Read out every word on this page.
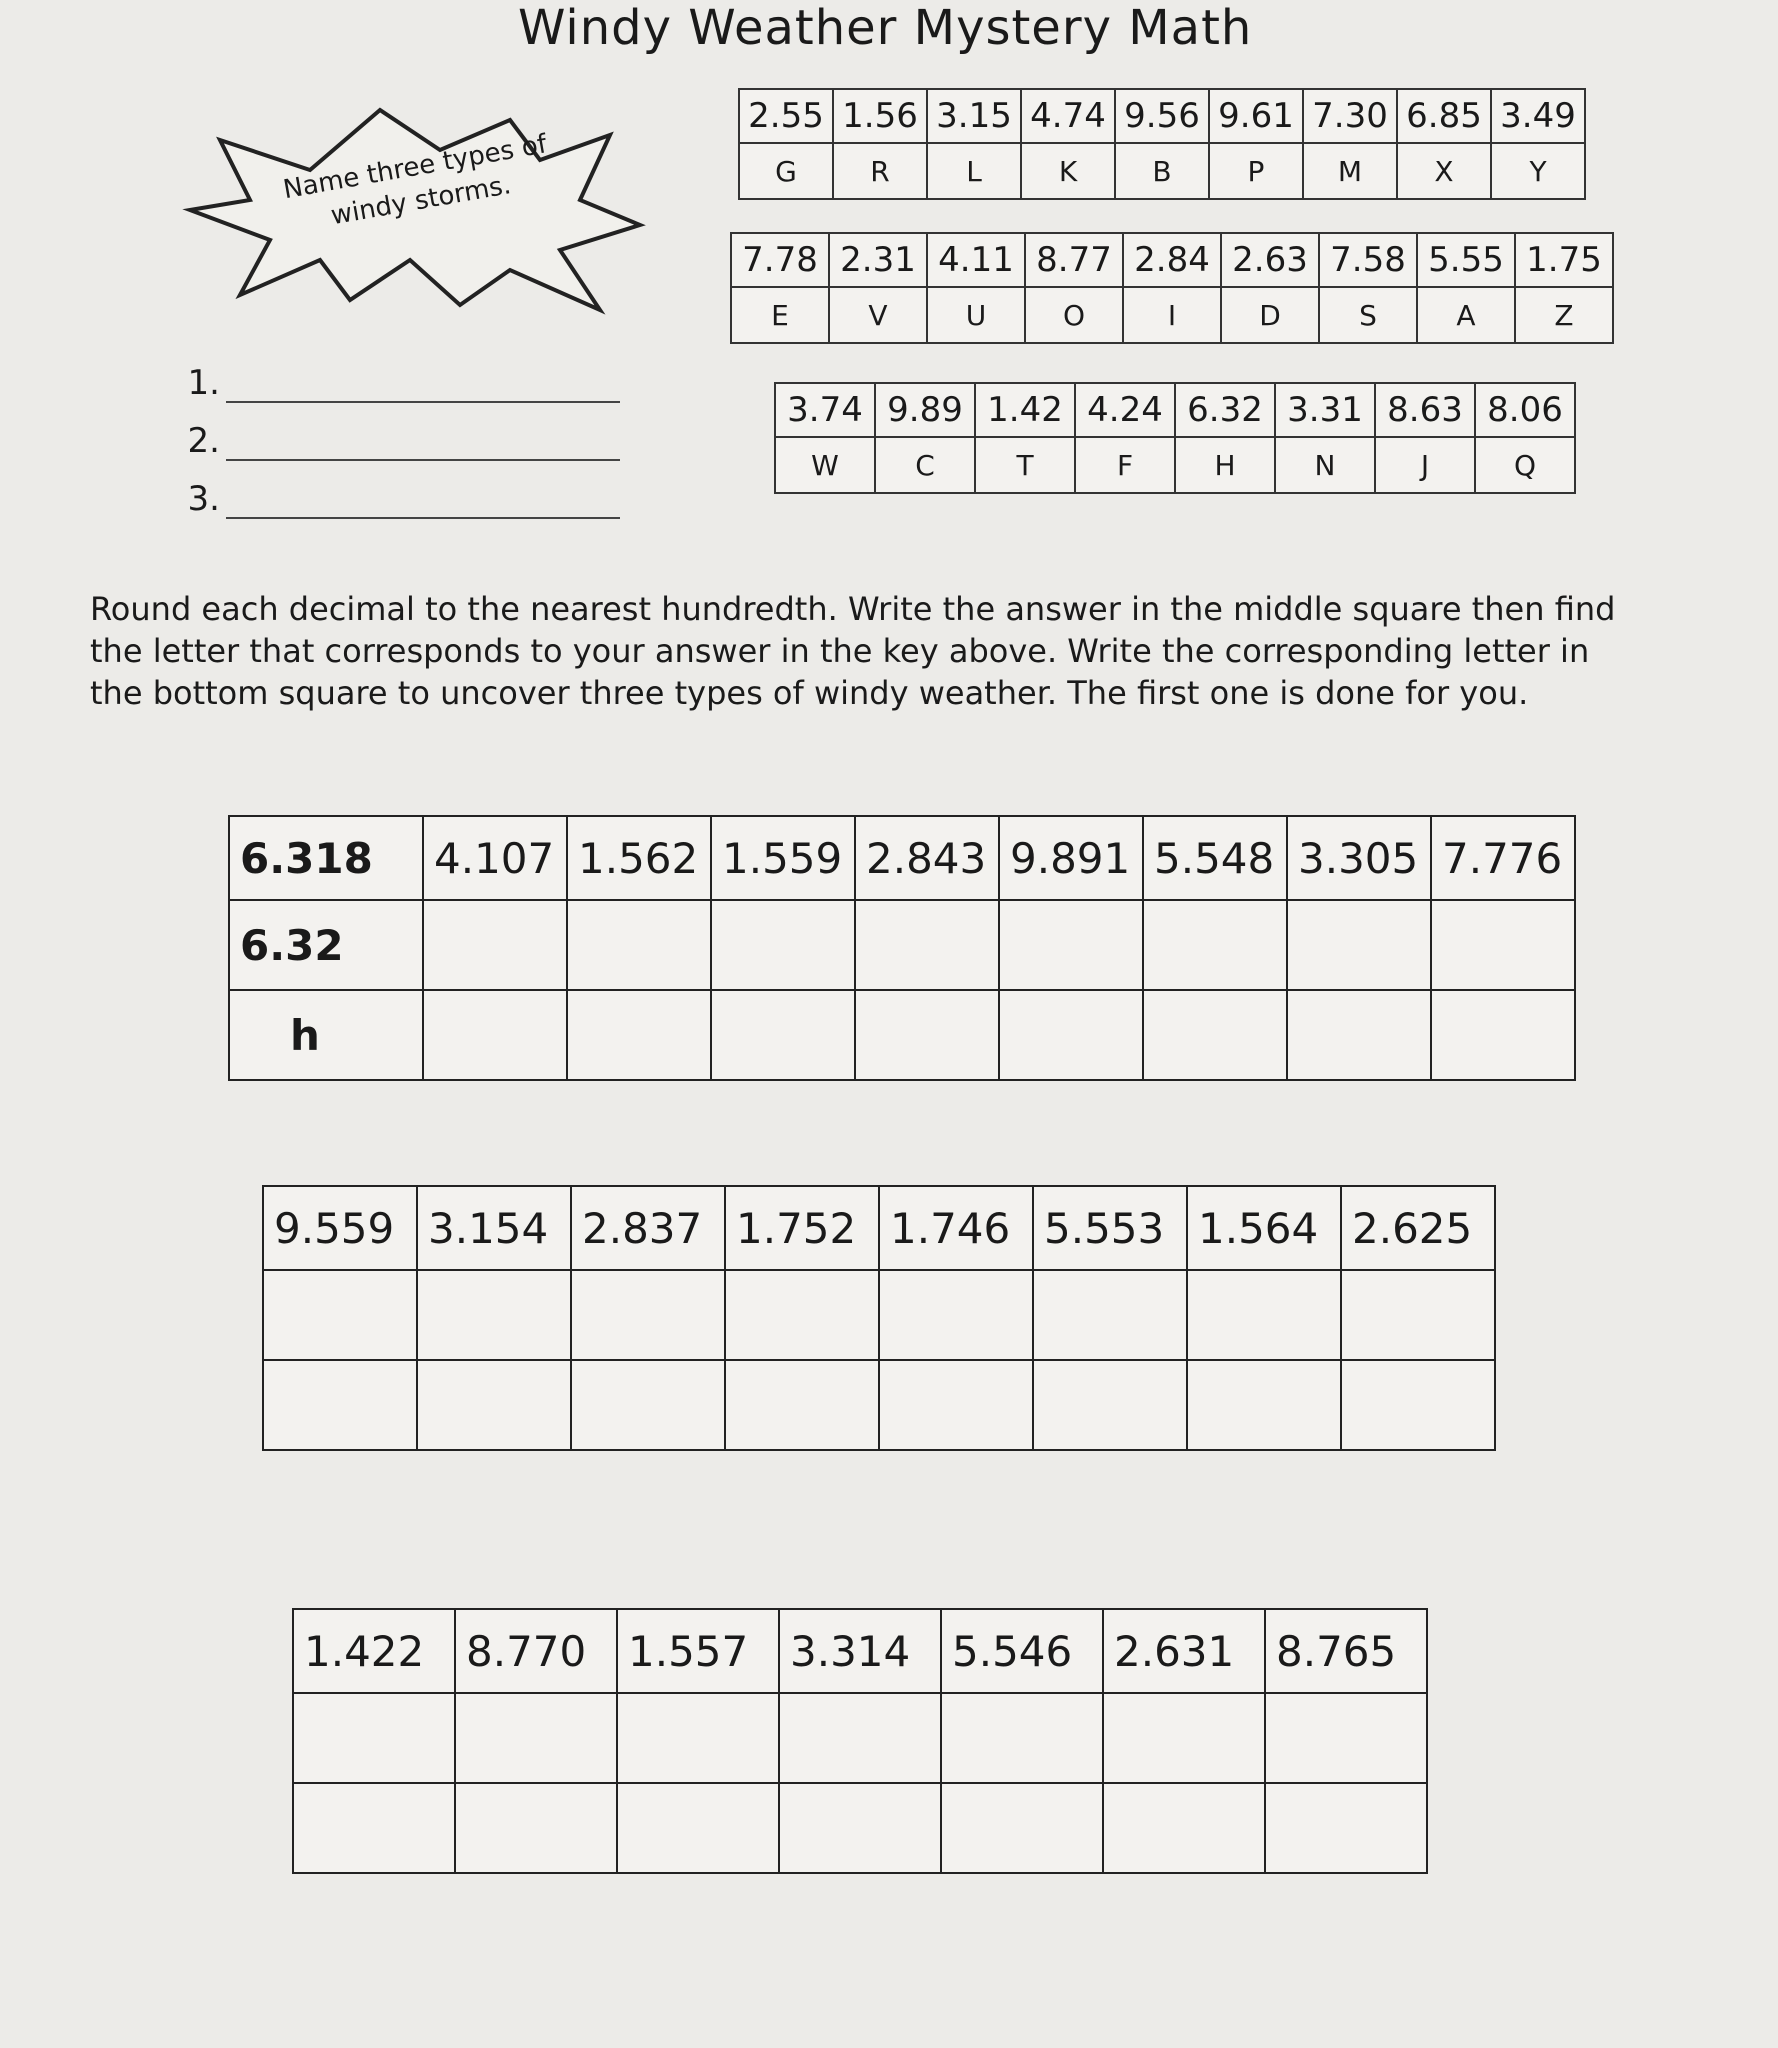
Windy Weather Mystery Math
Name three types of windy storms.
1.
2.
3.
2.55	1.56	3.15	4.74	9.56	9.61	7.30	6.85	3.49
G	R	L	K	B	P	M	X	Y
7.78	2.31	4.11	8.77	2.84	2.63	7.58	5.55	1.75
E	V	U	O	I	D	S	A	Z
3.74	9.89	1.42	4.24	6.32	3.31	8.63	8.06
W	C	T	F	H	N	J	Q

Round each decimal to the nearest hundredth. Write the answer in the middle square then find the letter that corresponds to your answer in the key above. Write the corresponding letter in the bottom square to uncover three types of windy weather. The first one is done for you.

6.318	4.107	1.562	1.559	2.843	9.891	5.548	3.305	7.776
6.32								
h								
9.559	3.154	2.837	1.752	1.746	5.553	1.564	2.625

1.422	8.770	1.557	3.314	5.546	2.631	8.765
